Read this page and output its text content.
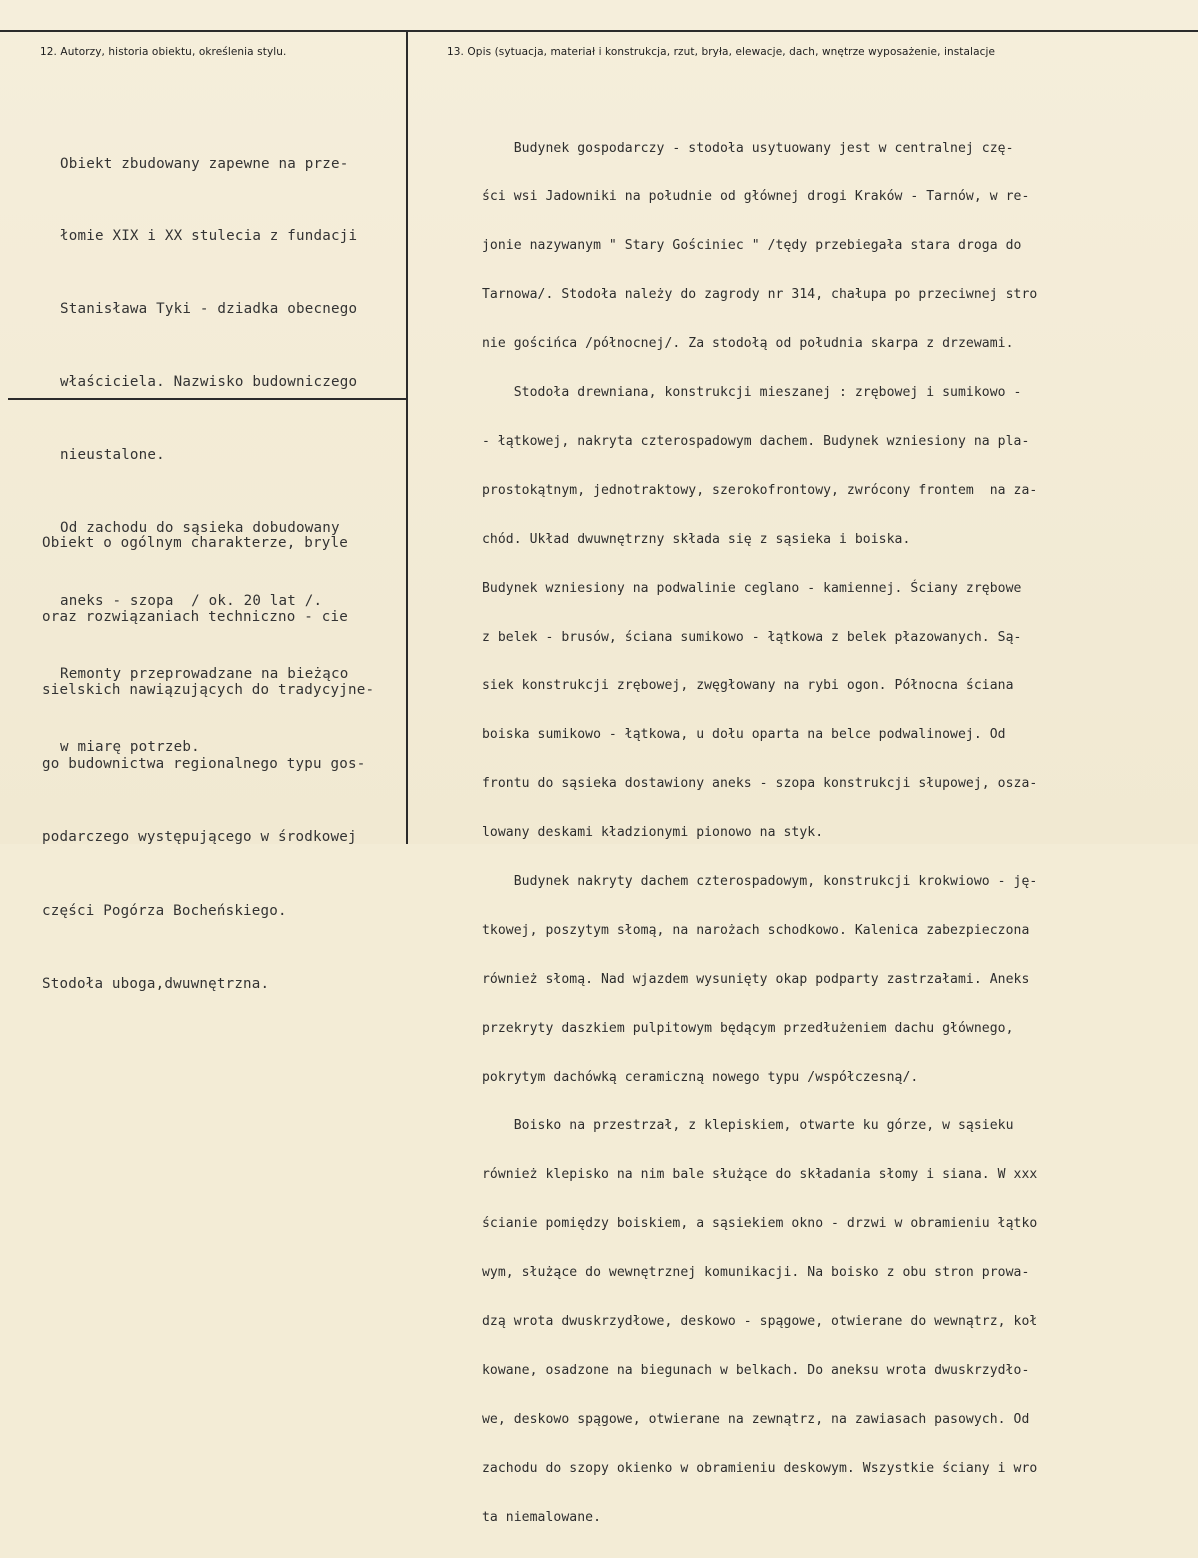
12. Autorzy, historia obiektu, określenia stylu.	13. Opis (sytuacja, materiał i konstrukcja, rzut, bryła, elewacje, dach, wnętrze wyposażenie, instalacje

Obiekt zbudowany zapewne na prze-

łomie XIX i XX stulecia z fundacji

Stanisława Tyki - dziadka obecnego

właściciela. Nazwisko budowniczego

nieustalone.

Od zachodu do sąsieka dobudowany

aneks - szopa  / ok. 20 lat /.

Remonty przeprowadzane na bieżąco

w miarę potrzeb.

Obiekt o ogólnym charakterze, bryle

oraz rozwiązaniach techniczno - cie

sielskich nawiązujących do tradycyjne-

go budownictwa regionalnego typu gos-

podarczego występującego w środkowej

części Pogórza Bocheńskiego.

Stodoła uboga,dwuwnętrzna.

Budynek gospodarczy - stodoła usytuowany jest w centralnej czę-

ści wsi Jadowniki na południe od głównej drogi Kraków - Tarnów, w re-

jonie nazywanym " Stary Gościniec " /tędy przebiegała stara droga do

Tarnowa/. Stodoła należy do zagrody nr 314, chałupa po przeciwnej stro

nie gościńca /północnej/. Za stodołą od południa skarpa z drzewami.

Stodoła drewniana, konstrukcji mieszanej : zrębowej i sumikowo -

- łątkowej, nakryta czterospadowym dachem. Budynek wzniesiony na pla-

prostokątnym, jednotraktowy, szerokofrontowy, zwrócony frontem  na za-

chód. Układ dwuwnętrzny składa się z sąsieka i boiska.

Budynek wzniesiony na podwalinie ceglano - kamiennej. Ściany zrębowe

z belek - brusów, ściana sumikowo - łątkowa z belek płazowanych. Są-

siek konstrukcji zrębowej, zwęgłowany na rybi ogon. Północna ściana

boiska sumikowo - łątkowa, u dołu oparta na belce podwalinowej. Od

frontu do sąsieka dostawiony aneks - szopa konstrukcji słupowej, osza-

lowany deskami kładzionymi pionowo na styk.

Budynek nakryty dachem czterospadowym, konstrukcji krokwiowo - ję-

tkowej, poszytym słomą, na narożach schodkowo. Kalenica zabezpieczona

również słomą. Nad wjazdem wysunięty okap podparty zastrzałami. Aneks

przekryty daszkiem pulpitowym będącym przedłużeniem dachu głównego,

pokrytym dachówką ceramiczną nowego typu /współczesną/.

Boisko na przestrzał, z klepiskiem, otwarte ku górze, w sąsieku

również klepisko na nim bale służące do składania słomy i siana. W xxx

ścianie pomiędzy boiskiem, a sąsiekiem okno - drzwi w obramieniu łątko

wym, służące do wewnętrznej komunikacji. Na boisko z obu stron prowa-

dzą wrota dwuskrzydłowe, deskowo - spągowe, otwierane do wewnątrz, koł

kowane, osadzone na biegunach w belkach. Do aneksu wrota dwuskrzydło-

we, deskowo spągowe, otwierane na zewnątrz, na zawiasach pasowych. Od

zachodu do szopy okienko w obramieniu deskowym. Wszystkie ściany i wro

ta niemalowane.
